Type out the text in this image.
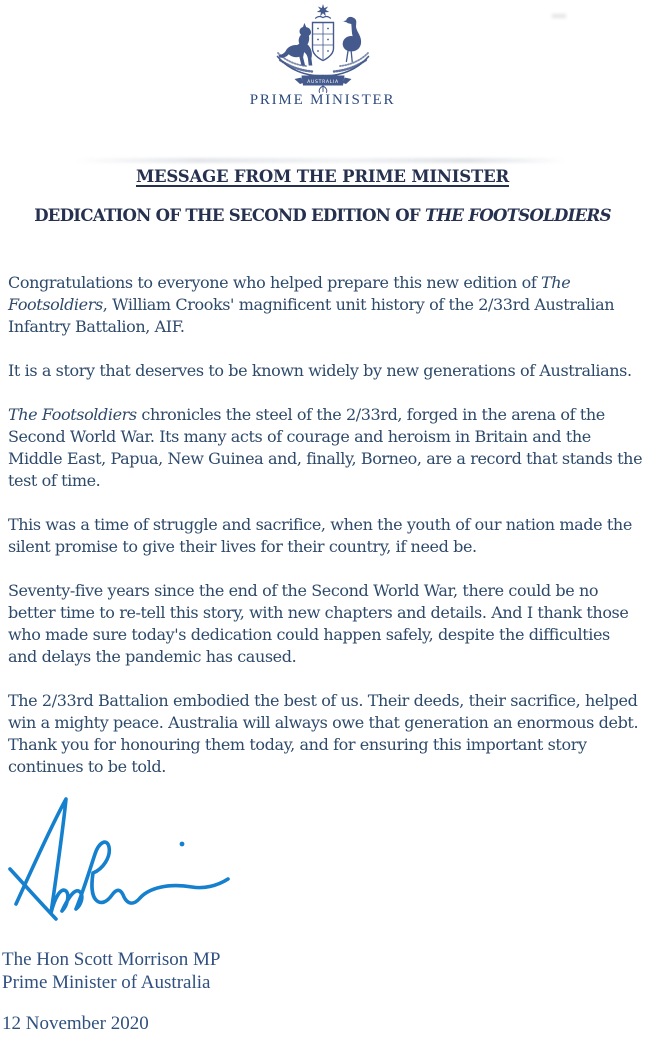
AUSTRALIA
PRIME MINISTER
MESSAGE FROM THE PRIME MINISTER
DEDICATION OF THE SECOND EDITION OF THE FOOTSOLDIERS
Congratulations to everyone who helped prepare this new edition of The
Footsoldiers, William Crooks' magnificent unit history of the 2/33rd Australian
Infantry Battalion, AIF.
It is a story that deserves to be known widely by new generations of Australians.
The Footsoldiers chronicles the steel of the 2/33rd, forged in the arena of the
Second World War. Its many acts of courage and heroism in Britain and the
Middle East, Papua, New Guinea and, finally, Borneo, are a record that stands the
test of time.
This was a time of struggle and sacrifice, when the youth of our nation made the
silent promise to give their lives for their country, if need be.
Seventy-five years since the end of the Second World War, there could be no
better time to re-tell this story, with new chapters and details. And I thank those
who made sure today's dedication could happen safely, despite the difficulties
and delays the pandemic has caused.
The 2/33rd Battalion embodied the best of us. Their deeds, their sacrifice, helped
win a mighty peace. Australia will always owe that generation an enormous debt.
Thank you for honouring them today, and for ensuring this important story
continues to be told.
The Hon Scott Morrison MP
Prime Minister of Australia
12 November 2020
